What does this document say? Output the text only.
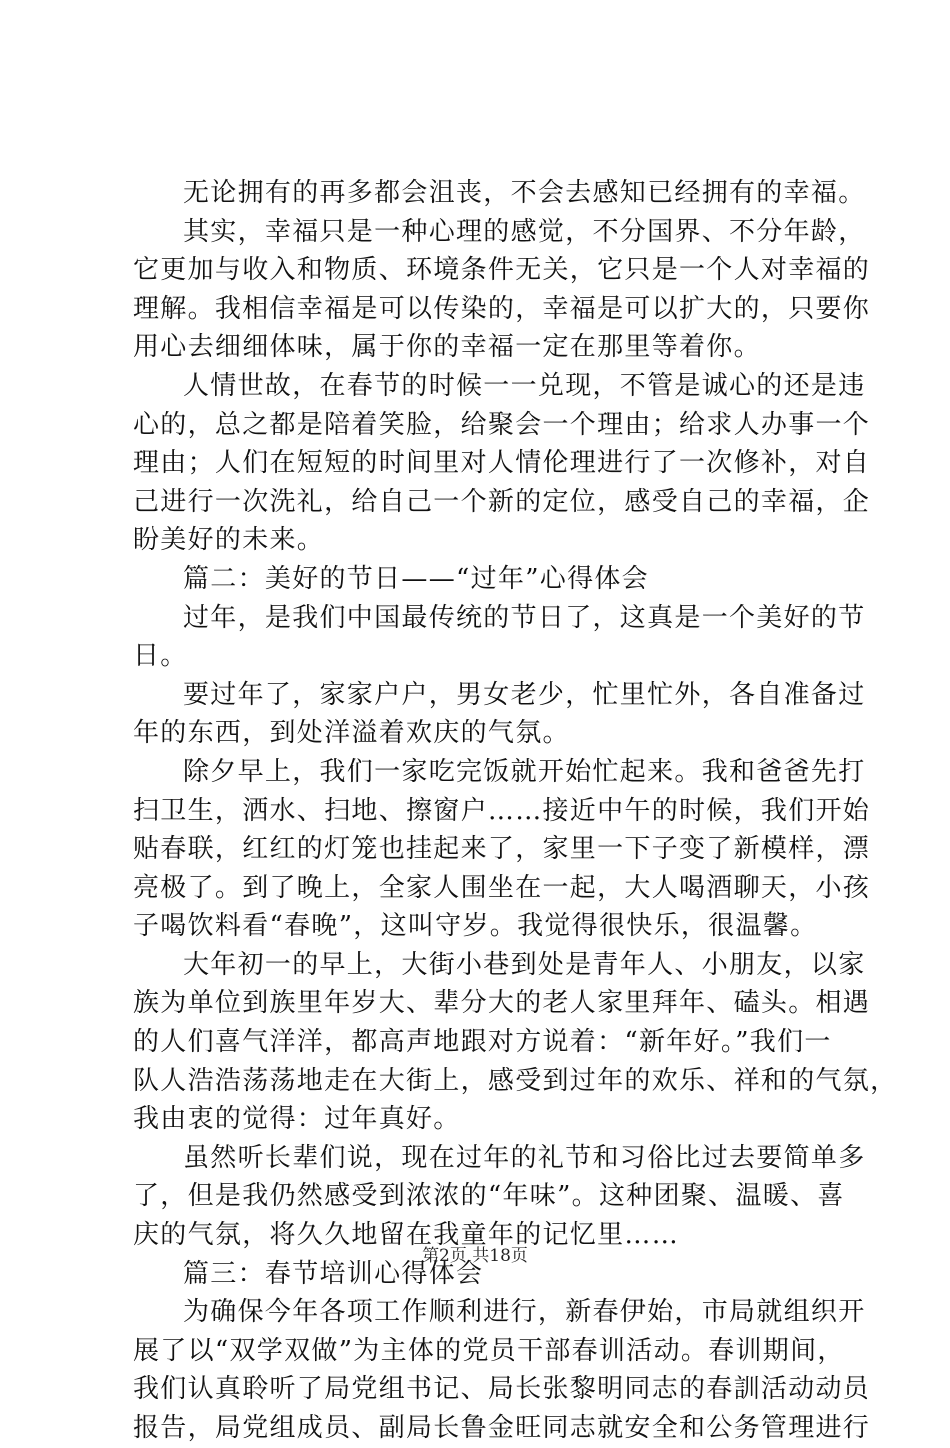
无论拥有的再多都会沮丧，不会去感知已经拥有的幸福。
其实，幸福只是一种心理的感觉，不分国界、不分年龄，
它更加与收入和物质、环境条件无关，它只是一个人对幸福的
理解。我相信幸福是可以传染的，幸福是可以扩大的，只要你
用心去细细体味，属于你的幸福一定在那里等着你。
人情世故，在春节的时候一一兑现，不管是诚心的还是违
心的，总之都是陪着笑脸，给聚会一个理由；给求人办事一个
理由；人们在短短的时间里对人情伦理进行了一次修补，对自
己进行一次洗礼，给自己一个新的定位，感受自己的幸福，企
盼美好的未来。
篇二：美好的节日——“过年”心得体会
过年，是我们中国最传统的节日了，这真是一个美好的节
日。
要过年了，家家户户，男女老少，忙里忙外，各自准备过
年的东西，到处洋溢着欢庆的气氛。
除夕早上，我们一家吃完饭就开始忙起来。我和爸爸先打
扫卫生，洒水、扫地、擦窗户……接近中午的时候，我们开始
贴春联，红红的灯笼也挂起来了，家里一下子变了新模样，漂
亮极了。到了晚上，全家人围坐在一起，大人喝酒聊天，小孩
子喝饮料看“春晚”，这叫守岁。我觉得很快乐，很温馨。
大年初一的早上，大街小巷到处是青年人、小朋友，以家
族为单位到族里年岁大、辈分大的老人家里拜年、磕头。相遇
的人们喜气洋洋，都高声地跟对方说着：“新年好。”我们一
队人浩浩荡荡地走在大街上，感受到过年的欢乐、祥和的气氛，
我由衷的觉得：过年真好。
虽然听长辈们说，现在过年的礼节和习俗比过去要简单多
了，但是我仍然感受到浓浓的“年味”。这种团聚、温暖、喜
庆的气氛，将久久地留在我童年的记忆里……
篇三：春节培训心得体会
为确保今年各项工作顺利进行，新春伊始，市局就组织开
展了以“双学双做”为主体的党员干部春训活动。春训期间，
我们认真聆听了局党组书记、局长张黎明同志的春訓活动动员
报告，局党组成员、副局长鲁金旺同志就安全和公务管理进行
第2页 共18页
